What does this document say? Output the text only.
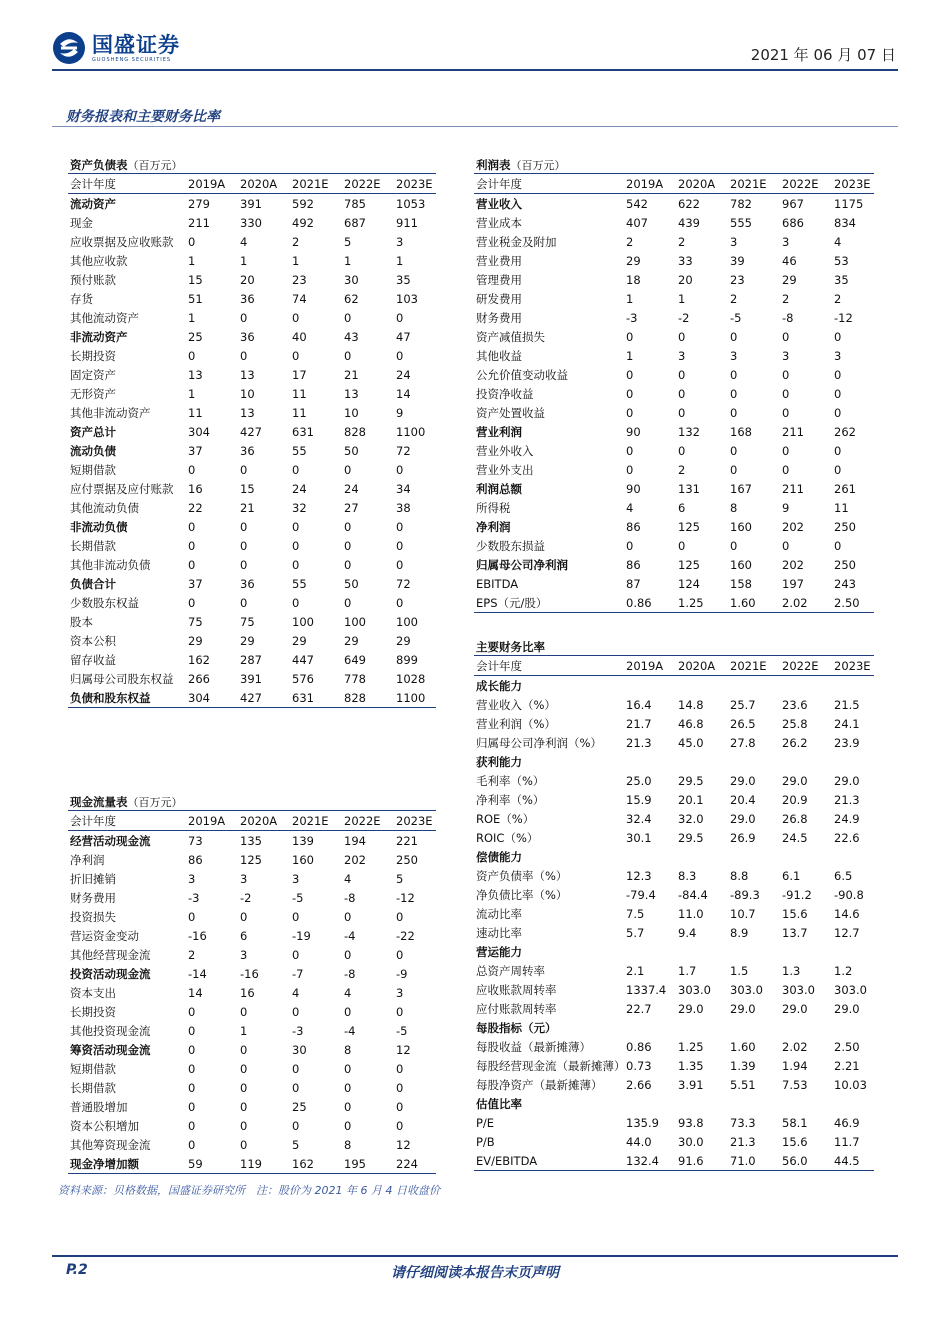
国盛证券
GUOSHENG SECURITIES	2021 年 06 月 07 日
财务报表和主要财务比率
资产负债表（百万元）
会计年度	2019A	2020A	2021E	2022E	2023E
流动资产	279	391	592	785	1053
现金	211	330	492	687	911
应收票据及应收账款	0	4	2	5	3
其他应收款	1	1	1	1	1
预付账款	15	20	23	30	35
存货	51	36	74	62	103
其他流动资产	1	0	0	0	0
非流动资产	25	36	40	43	47
长期投资	0	0	0	0	0
固定资产	13	13	17	21	24
无形资产	1	10	11	13	14
其他非流动资产	11	13	11	10	9
资产总计	304	427	631	828	1100
流动负债	37	36	55	50	72
短期借款	0	0	0	0	0
应付票据及应付账款	16	15	24	24	34
其他流动负债	22	21	32	27	38
非流动负债	0	0	0	0	0
长期借款	0	0	0	0	0
其他非流动负债	0	0	0	0	0
负债合计	37	36	55	50	72
少数股东权益	0	0	0	0	0
股本	75	75	100	100	100
资本公积	29	29	29	29	29
留存收益	162	287	447	649	899
归属母公司股东权益	266	391	576	778	1028
负债和股东权益	304	427	631	828	1100
现金流量表（百万元）
会计年度	2019A	2020A	2021E	2022E	2023E
经营活动现金流	73	135	139	194	221
净利润	86	125	160	202	250
折旧摊销	3	3	3	4	5
财务费用	-3	-2	-5	-8	-12
投资损失	0	0	0	0	0
营运资金变动	-16	6	-19	-4	-22
其他经营现金流	2	3	0	0	0
投资活动现金流	-14	-16	-7	-8	-9
资本支出	14	16	4	4	3
长期投资	0	0	0	0	0
其他投资现金流	0	1	-3	-4	-5
筹资活动现金流	0	0	30	8	12
短期借款	0	0	0	0	0
长期借款	0	0	0	0	0
普通股增加	0	0	25	0	0
资本公积增加	0	0	0	0	0
其他筹资现金流	0	0	5	8	12
现金净增加额	59	119	162	195	224
利润表（百万元）
会计年度	2019A	2020A	2021E	2022E	2023E
营业收入	542	622	782	967	1175
营业成本	407	439	555	686	834
营业税金及附加	2	2	3	3	4
营业费用	29	33	39	46	53
管理费用	18	20	23	29	35
研发费用	1	1	2	2	2
财务费用	-3	-2	-5	-8	-12
资产减值损失	0	0	0	0	0
其他收益	1	3	3	3	3
公允价值变动收益	0	0	0	0	0
投资净收益	0	0	0	0	0
资产处置收益	0	0	0	0	0
营业利润	90	132	168	211	262
营业外收入	0	0	0	0	0
营业外支出	0	2	0	0	0
利润总额	90	131	167	211	261
所得税	4	6	8	9	11
净利润	86	125	160	202	250
少数股东损益	0	0	0	0	0
归属母公司净利润	86	125	160	202	250
EBITDA	87	124	158	197	243
EPS（元/股）	0.86	1.25	1.60	2.02	2.50
主要财务比率
会计年度	2019A	2020A	2021E	2022E	2023E
成长能力					
营业收入（%）	16.4	14.8	25.7	23.6	21.5
营业利润（%）	21.7	46.8	26.5	25.8	24.1
归属母公司净利润（%）	21.3	45.0	27.8	26.2	23.9
获利能力					
毛利率（%）	25.0	29.5	29.0	29.0	29.0
净利率（%）	15.9	20.1	20.4	20.9	21.3
ROE（%）	32.4	32.0	29.0	26.8	24.9
ROIC（%）	30.1	29.5	26.9	24.5	22.6
偿债能力					
资产负债率（%）	12.3	8.3	8.8	6.1	6.5
净负债比率（%）	-79.4	-84.4	-89.3	-91.2	-90.8
流动比率	7.5	11.0	10.7	15.6	14.6
速动比率	5.7	9.4	8.9	13.7	12.7
营运能力					
总资产周转率	2.1	1.7	1.5	1.3	1.2
应收账款周转率	1337.4	303.0	303.0	303.0	303.0
应付账款周转率	22.7	29.0	29.0	29.0	29.0
每股指标（元）					
每股收益（最新摊薄）	0.86	1.25	1.60	2.02	2.50
每股经营现金流（最新摊薄）	0.73	1.35	1.39	1.94	2.21
每股净资产（最新摊薄）	2.66	3.91	5.51	7.53	10.03
估值比率					
P/E	135.9	93.8	73.3	58.1	46.9
P/B	44.0	30.0	21.3	15.6	11.7
EV/EBITDA	132.4	91.6	71.0	56.0	44.5
资料来源：贝格数据，国盛证券研究所　注：股价为 2021 年 6 月 4 日收盘价
P.2	请仔细阅读本报告末页声明
